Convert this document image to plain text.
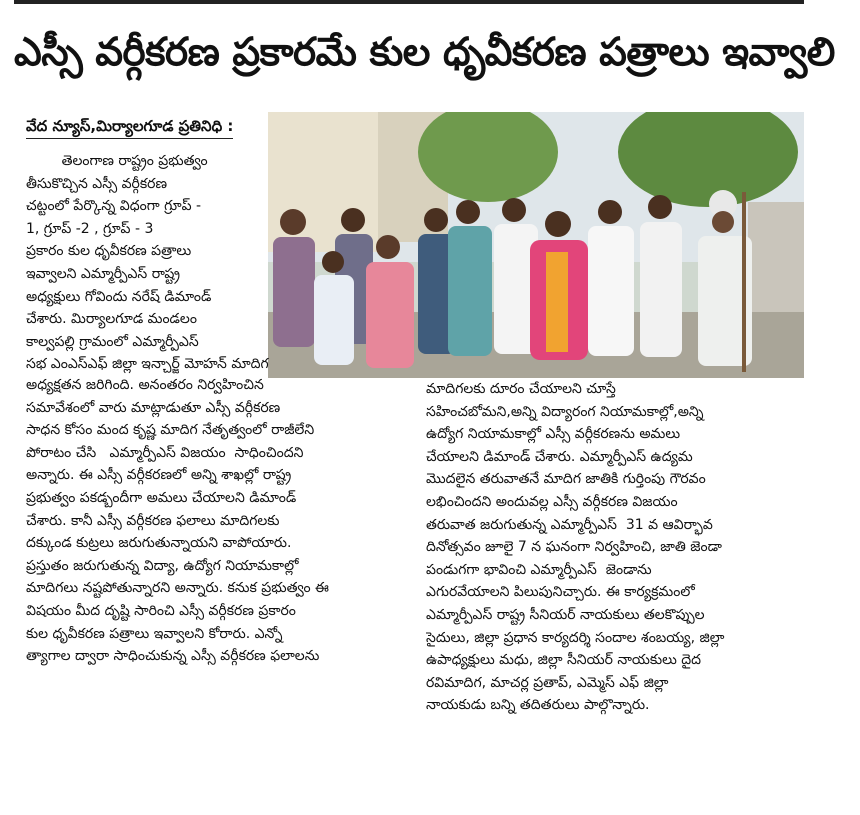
ఎస్సీ వర్గీకరణ ప్రకారమే కుల ధృవీకరణ పత్రాలు ఇవ్వాలి
వేద న్యూస్,మిర్యాలగూడ ప్రతినిధి :
తెలంగాణ రాష్ట్రం ప్రభుత్వం
తీసుకొచ్చిన ఎస్సీ వర్గీకరణ
చట్టంలో పేర్కొన్న విధంగా గ్రూప్ -
1, గ్రూప్ -2 , గ్రూప్ - 3
ప్రకారం కుల ధృవీకరణ పత్రాలు
ఇవ్వాలని ఎమ్మార్పీఎస్ రాష్ట్ర
అధ్యక్షులు గోవిందు నరేష్ డిమాండ్
చేశారు. మిర్యాలగూడ మండలం
కాల్వపల్లి గ్రామంలో ఎమ్మార్పీఎస్
సభ ఎంఎస్ఎఫ్ జిల్లా ఇన్చార్జ్ మోహన్ మాదిగ
అధ్యక్షతన జరిగింది. అనంతరం నిర్వహించిన
సమావేశంలో వారు మాట్లాడుతూ ఎస్సీ వర్గీకరణ
సాధన కోసం మంద కృష్ణ మాదిగ నేతృత్వంలో రాజీలేని
పోరాటం చేసి   ఎమ్మార్పీఎస్ విజయం  సాధించిందని
అన్నారు. ఈ ఎస్సీ వర్గీకరణలో అన్ని శాఖల్లో రాష్ట్ర
ప్రభుత్వం పకడ్బందీగా అమలు చేయాలని డిమాండ్
చేశారు. కానీ ఎస్సీ వర్గీకరణ ఫలాలు మాదిగలకు
దక్కుండ కుట్రలు జరుగుతున్నాయని వాపోయారు.
ప్రస్తుతం జరుగుతున్న విద్యా, ఉద్యోగ నియామకాల్లో
మాదిగలు నష్టపోతున్నారని అన్నారు. కనుక ప్రభుత్వం ఈ
విషయం మీద దృష్టి సారించి ఎస్సీ వర్గీకరణ ప్రకారం
కుల ధృవీకరణ పత్రాలు ఇవ్వాలని కోరారు. ఎన్నో
త్యాగాల ద్వారా సాధించుకున్న ఎస్సీ వర్గీకరణ ఫలాలను
మాదిగలకు దూరం చేయాలని చూస్తే
సహించబోమని,అన్ని విద్యారంగ నియామకాల్లో,అన్ని
ఉద్యోగ నియామకాల్లో ఎస్సీ వర్గీకరణను అమలు
చేయాలని డిమాండ్ చేశారు. ఎమ్మార్పీఎస్ ఉద్యమ
మొదలైన తరువాతనే మాదిగ జాతికి గుర్తింపు గౌరవం
లభించిందని అందువల్ల ఎస్సీ వర్గీకరణ విజయం
తరువాత జరుగుతున్న ఎమ్మార్పీఎస్  31 వ ఆవిర్భావ
దినోత్సవం జూలై 7 న ఘనంగా నిర్వహించి, జాతి జెండా
పండుగగా భావించి ఎమ్మార్పీఎస్  జెండాను
ఎగురవేయాలని పిలుపునిచ్చారు. ఈ కార్యక్రమంలో
ఎమ్మార్పీఎస్ రాష్ట్ర సీనియర్ నాయకులు తలకొప్పుల
సైదులు, జిల్లా ప్రధాన కార్యదర్శి సందాల శంబయ్య, జిల్లా
ఉపాధ్యక్షులు మధు, జిల్లా సీనియర్ నాయకులు దైద
రవిమాదిగ, మాచర్ల ప్రతాప్, ఎమ్మెస్ ఎఫ్ జిల్లా
నాయకుడు బన్ని తదితరులు పాల్గొన్నారు.
